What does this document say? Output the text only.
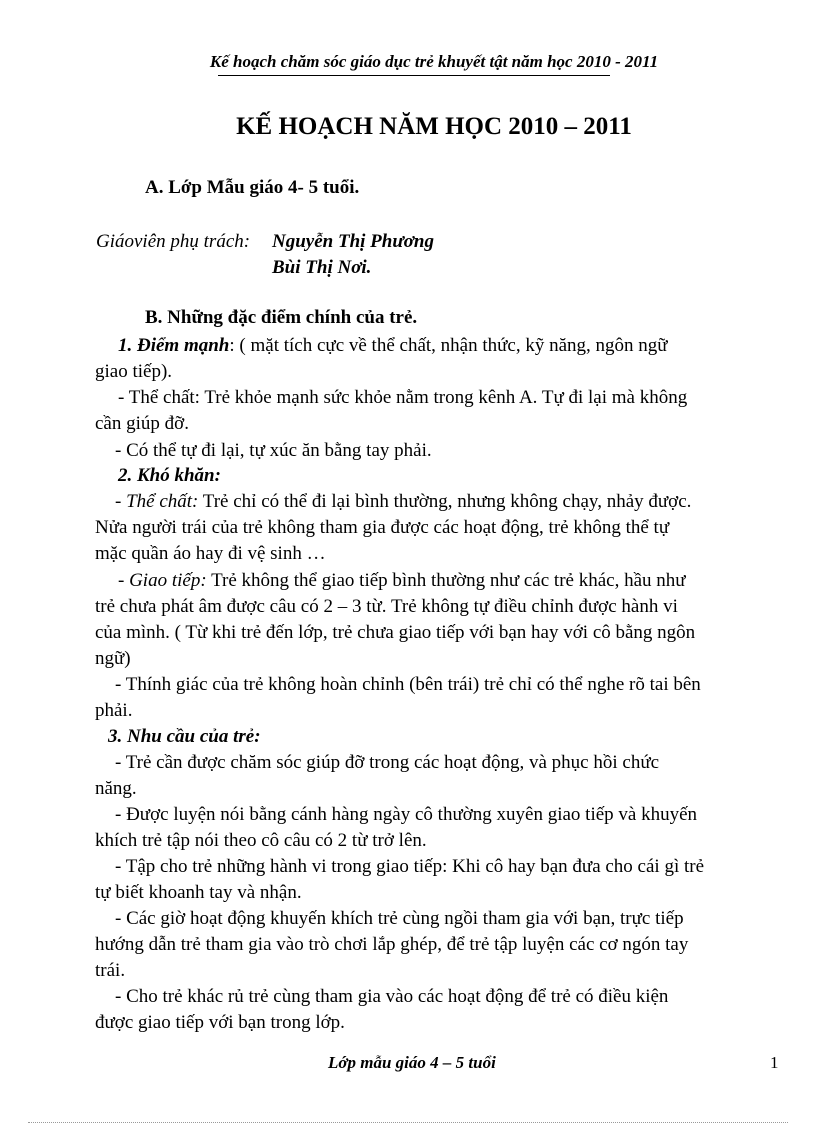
Kế hoạch chăm sóc giáo dục trẻ khuyết tật năm học 2010 - 2011
KẾ HOẠCH NĂM HỌC 2010 – 2011
A. Lớp Mẫu giáo 4- 5 tuổi.
Giáoviên phụ trách: Nguyễn Thị Phương
Bùi Thị Nơi.
B. Những đặc điểm chính của trẻ.
1. Điểm mạnh: ( mặt tích cực về thể chất, nhận thức, kỹ năng, ngôn ngữ
giao tiếp).
- Thể chất: Trẻ khỏe mạnh sức khỏe nằm trong kênh A. Tự đi lại mà không
cần giúp đỡ.
- Có thể tự đi lại, tự xúc ăn bằng tay phải.
2. Khó khăn:
- Thể chất: Trẻ chỉ có thể đi lại bình thường, nhưng không chạy, nhảy được.
Nửa người trái của trẻ không tham gia được các hoạt động, trẻ không thể tự
mặc quần áo hay đi vệ sinh …
- Giao tiếp: Trẻ không thể giao tiếp bình thường như các trẻ khác, hầu như
trẻ chưa phát âm được câu có 2 – 3 từ. Trẻ không tự điều chỉnh được hành vi
của mình. ( Từ khi trẻ đến lớp, trẻ chưa giao tiếp với bạn hay với cô bằng ngôn
ngữ)
- Thính giác của trẻ không hoàn chỉnh (bên trái) trẻ chỉ có thể nghe rõ tai bên
phải.
3. Nhu cầu của trẻ:
- Trẻ cần được chăm sóc giúp đỡ trong các hoạt động, và phục hồi chức
năng.
- Được luyện nói bằng cánh hàng ngày cô thường xuyên giao tiếp và khuyến
khích trẻ tập nói theo cô câu có 2 từ trở lên.
- Tập cho trẻ những hành vi trong giao tiếp: Khi cô hay bạn đưa cho cái gì trẻ
tự biết khoanh tay và nhận.
- Các giờ hoạt động khuyến khích trẻ cùng ngồi tham gia với bạn, trực tiếp
hướng dẫn trẻ tham gia vào trò chơi lắp ghép, để trẻ tập luyện các cơ ngón tay
trái.
- Cho trẻ khác rủ trẻ cùng tham gia vào các hoạt động để trẻ có điều kiện
được giao tiếp với bạn trong lớp.
Lớp mẫu giáo 4 – 5 tuổi	1
